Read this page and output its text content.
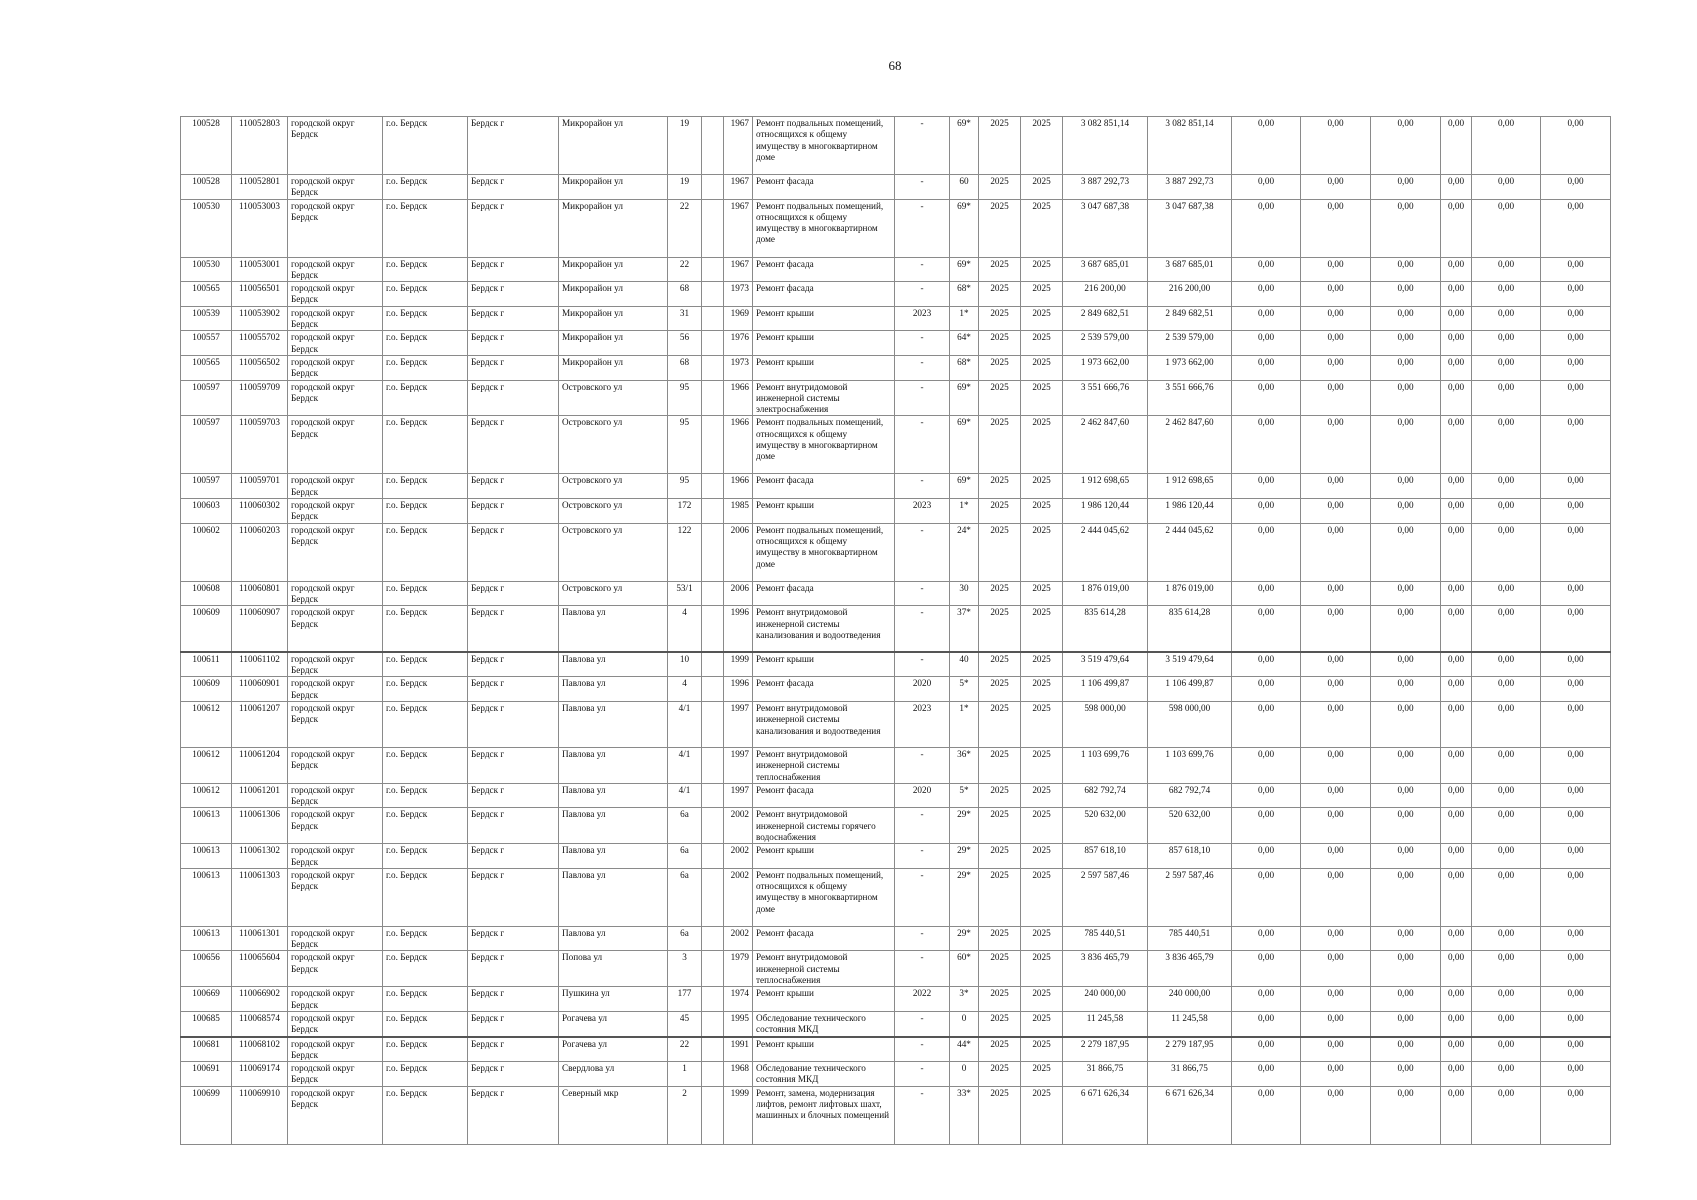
68
100528	110052803	городской округ Бердск	г.о. Бердск	Бердск г	Микрорайон ул	19		1967	Ремонт подвальных помещений, относящихся к общему имуществу в многоквартирном доме	-	69*	2025	2025	3 082 851,14	3 082 851,14	0,00	0,00	0,00	0,00	0,00	0,00
100528	110052801	городской округ Бердск	г.о. Бердск	Бердск г	Микрорайон ул	19		1967	Ремонт фасада	-	60	2025	2025	3 887 292,73	3 887 292,73	0,00	0,00	0,00	0,00	0,00	0,00
100530	110053003	городской округ Бердск	г.о. Бердск	Бердск г	Микрорайон ул	22		1967	Ремонт подвальных помещений, относящихся к общему имуществу в многоквартирном доме	-	69*	2025	2025	3 047 687,38	3 047 687,38	0,00	0,00	0,00	0,00	0,00	0,00
100530	110053001	городской округ Бердск	г.о. Бердск	Бердск г	Микрорайон ул	22		1967	Ремонт фасада	-	69*	2025	2025	3 687 685,01	3 687 685,01	0,00	0,00	0,00	0,00	0,00	0,00
100565	110056501	городской округ Бердск	г.о. Бердск	Бердск г	Микрорайон ул	68		1973	Ремонт фасада	-	68*	2025	2025	216 200,00	216 200,00	0,00	0,00	0,00	0,00	0,00	0,00
100539	110053902	городской округ Бердск	г.о. Бердск	Бердск г	Микрорайон ул	31		1969	Ремонт крыши	2023	1*	2025	2025	2 849 682,51	2 849 682,51	0,00	0,00	0,00	0,00	0,00	0,00
100557	110055702	городской округ Бердск	г.о. Бердск	Бердск г	Микрорайон ул	56		1976	Ремонт крыши	-	64*	2025	2025	2 539 579,00	2 539 579,00	0,00	0,00	0,00	0,00	0,00	0,00
100565	110056502	городской округ Бердск	г.о. Бердск	Бердск г	Микрорайон ул	68		1973	Ремонт крыши	-	68*	2025	2025	1 973 662,00	1 973 662,00	0,00	0,00	0,00	0,00	0,00	0,00
100597	110059709	городской округ Бердск	г.о. Бердск	Бердск г	Островского ул	95		1966	Ремонт внутридомовой инженерной системы электроснабжения	-	69*	2025	2025	3 551 666,76	3 551 666,76	0,00	0,00	0,00	0,00	0,00	0,00
100597	110059703	городской округ Бердск	г.о. Бердск	Бердск г	Островского ул	95		1966	Ремонт подвальных помещений, относящихся к общему имуществу в многоквартирном доме	-	69*	2025	2025	2 462 847,60	2 462 847,60	0,00	0,00	0,00	0,00	0,00	0,00
100597	110059701	городской округ Бердск	г.о. Бердск	Бердск г	Островского ул	95		1966	Ремонт фасада	-	69*	2025	2025	1 912 698,65	1 912 698,65	0,00	0,00	0,00	0,00	0,00	0,00
100603	110060302	городской округ Бердск	г.о. Бердск	Бердск г	Островского ул	172		1985	Ремонт крыши	2023	1*	2025	2025	1 986 120,44	1 986 120,44	0,00	0,00	0,00	0,00	0,00	0,00
100602	110060203	городской округ Бердск	г.о. Бердск	Бердск г	Островского ул	122		2006	Ремонт подвальных помещений, относящихся к общему имуществу в многоквартирном доме	-	24*	2025	2025	2 444 045,62	2 444 045,62	0,00	0,00	0,00	0,00	0,00	0,00
100608	110060801	городской округ Бердск	г.о. Бердск	Бердск г	Островского ул	53/1		2006	Ремонт фасада	-	30	2025	2025	1 876 019,00	1 876 019,00	0,00	0,00	0,00	0,00	0,00	0,00
100609	110060907	городской округ Бердск	г.о. Бердск	Бердск г	Павлова ул	4		1996	Ремонт внутридомовой инженерной системы канализования и водоотведения	-	37*	2025	2025	835 614,28	835 614,28	0,00	0,00	0,00	0,00	0,00	0,00
100611	110061102	городской округ Бердск	г.о. Бердск	Бердск г	Павлова ул	10		1999	Ремонт крыши	-	40	2025	2025	3 519 479,64	3 519 479,64	0,00	0,00	0,00	0,00	0,00	0,00
100609	110060901	городской округ Бердск	г.о. Бердск	Бердск г	Павлова ул	4		1996	Ремонт фасада	2020	5*	2025	2025	1 106 499,87	1 106 499,87	0,00	0,00	0,00	0,00	0,00	0,00
100612	110061207	городской округ Бердск	г.о. Бердск	Бердск г	Павлова ул	4/1		1997	Ремонт внутридомовой инженерной системы канализования и водоотведения	2023	1*	2025	2025	598 000,00	598 000,00	0,00	0,00	0,00	0,00	0,00	0,00
100612	110061204	городской округ Бердск	г.о. Бердск	Бердск г	Павлова ул	4/1		1997	Ремонт внутридомовой инженерной системы теплоснабжения	-	36*	2025	2025	1 103 699,76	1 103 699,76	0,00	0,00	0,00	0,00	0,00	0,00
100612	110061201	городской округ Бердск	г.о. Бердск	Бердск г	Павлова ул	4/1		1997	Ремонт фасада	2020	5*	2025	2025	682 792,74	682 792,74	0,00	0,00	0,00	0,00	0,00	0,00
100613	110061306	городской округ Бердск	г.о. Бердск	Бердск г	Павлова ул	6а		2002	Ремонт внутридомовой инженерной системы горячего водоснабжения	-	29*	2025	2025	520 632,00	520 632,00	0,00	0,00	0,00	0,00	0,00	0,00
100613	110061302	городской округ Бердск	г.о. Бердск	Бердск г	Павлова ул	6а		2002	Ремонт крыши	-	29*	2025	2025	857 618,10	857 618,10	0,00	0,00	0,00	0,00	0,00	0,00
100613	110061303	городской округ Бердск	г.о. Бердск	Бердск г	Павлова ул	6а		2002	Ремонт подвальных помещений, относящихся к общему имуществу в многоквартирном доме	-	29*	2025	2025	2 597 587,46	2 597 587,46	0,00	0,00	0,00	0,00	0,00	0,00
100613	110061301	городской округ Бердск	г.о. Бердск	Бердск г	Павлова ул	6а		2002	Ремонт фасада	-	29*	2025	2025	785 440,51	785 440,51	0,00	0,00	0,00	0,00	0,00	0,00
100656	110065604	городской округ Бердск	г.о. Бердск	Бердск г	Попова ул	3		1979	Ремонт внутридомовой инженерной системы теплоснабжения	-	60*	2025	2025	3 836 465,79	3 836 465,79	0,00	0,00	0,00	0,00	0,00	0,00
100669	110066902	городской округ Бердск	г.о. Бердск	Бердск г	Пушкина ул	177		1974	Ремонт крыши	2022	3*	2025	2025	240 000,00	240 000,00	0,00	0,00	0,00	0,00	0,00	0,00
100685	110068574	городской округ Бердск	г.о. Бердск	Бердск г	Рогачева ул	45		1995	Обследование технического состояния МКД	-	0	2025	2025	11 245,58	11 245,58	0,00	0,00	0,00	0,00	0,00	0,00
100681	110068102	городской округ Бердск	г.о. Бердск	Бердск г	Рогачева ул	22		1991	Ремонт крыши	-	44*	2025	2025	2 279 187,95	2 279 187,95	0,00	0,00	0,00	0,00	0,00	0,00
100691	110069174	городской округ Бердск	г.о. Бердск	Бердск г	Свердлова ул	1		1968	Обследование технического состояния МКД	-	0	2025	2025	31 866,75	31 866,75	0,00	0,00	0,00	0,00	0,00	0,00
100699	110069910	городской округ Бердск	г.о. Бердск	Бердск г	Северный мкр	2		1999	Ремонт, замена, модернизация лифтов, ремонт лифтовых шахт, машинных и блочных помещений	-	33*	2025	2025	6 671 626,34	6 671 626,34	0,00	0,00	0,00	0,00	0,00	0,00
